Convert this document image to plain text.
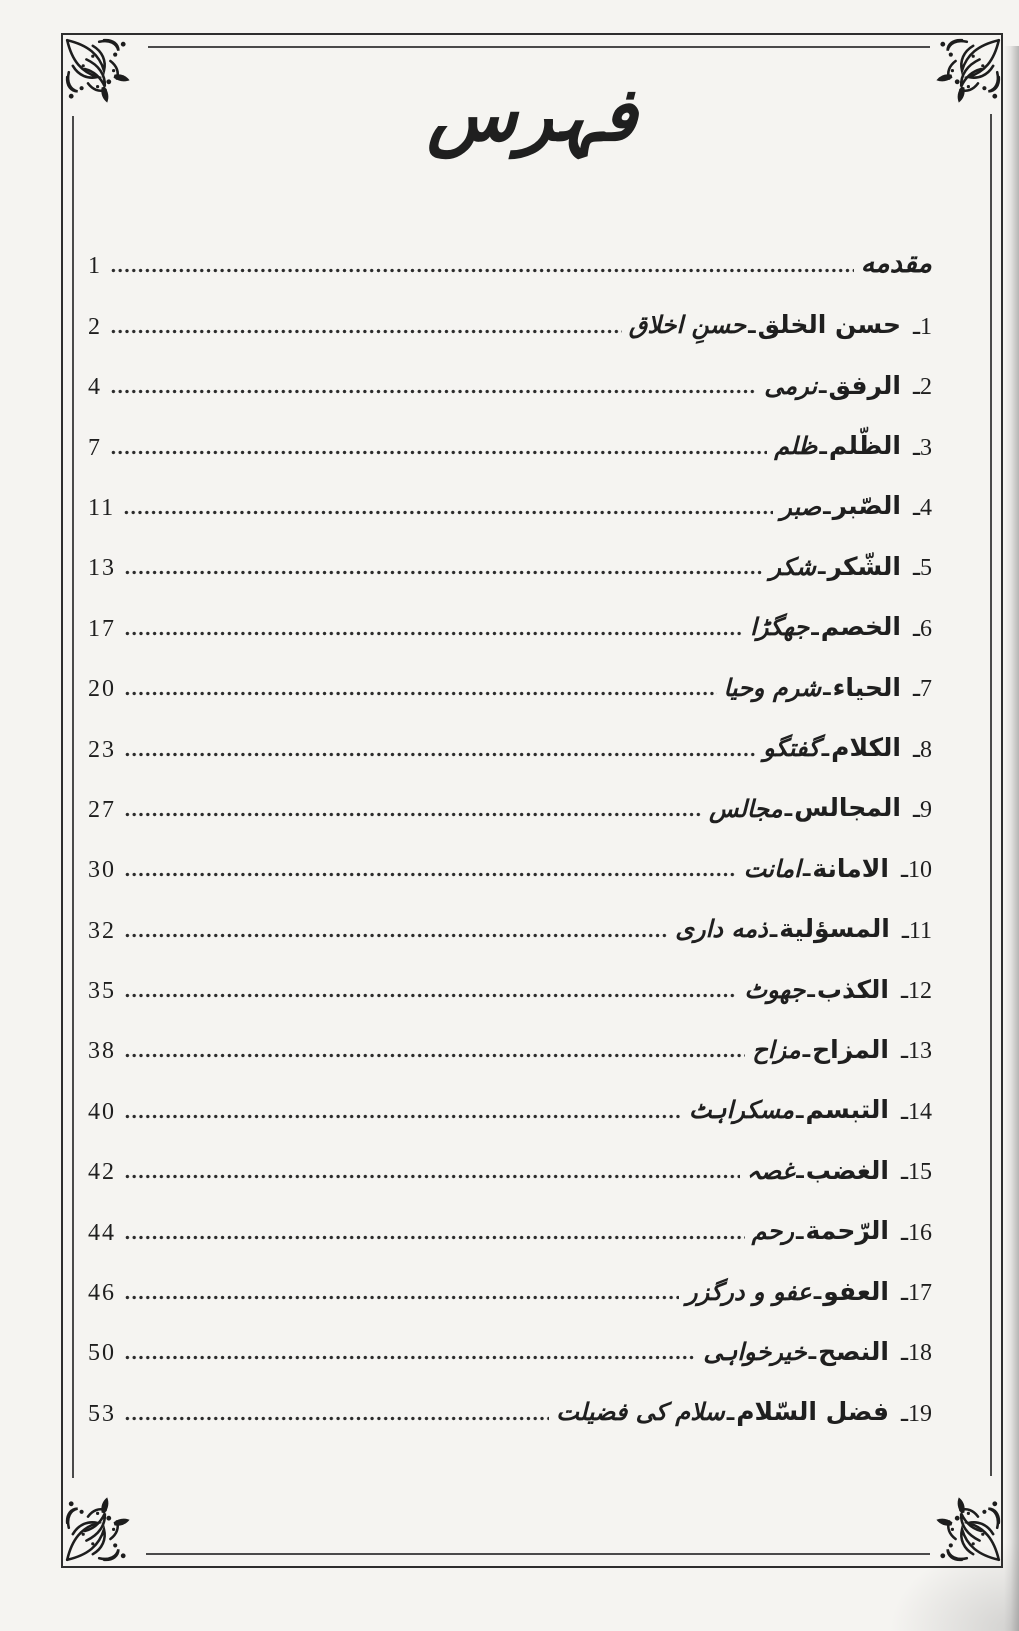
فہرس
مقدمه
1
1ـ
حسن الخلق
ـ
حسنِ اخلاق
2
2ـ
الرفق
ـ
نرمی
4
3ـ
الظّلم
ـ
ظلم
7
4ـ
الصّبر
ـ
صبر
11
5ـ
الشّكر
ـ
شكر
13
6ـ
الخصم
ـ
جھگڑا
17
7ـ
الحياء
ـ
شرم وحیا
20
8ـ
الكلام
ـ
گفتگو
23
9ـ
المجالس
ـ
مجالس
27
10ـ
الامانة
ـ
امانت
30
11ـ
المسؤلية
ـ
ذمه داری
32
12ـ
الكذب
ـ
جھوٹ
35
13ـ
المزاح
ـ
مزاح
38
14ـ
التبسم
ـ
مسکراہٹ
40
15ـ
الغضب
ـ
غصہ
42
16ـ
الرّحمة
ـ
رحم
44
17ـ
العفو
ـ
عفو و درگزر
46
18ـ
النصح
ـ
خیرخواہی
50
19ـ
فضل السّلام
ـ
سلام کی فضیلت
53
